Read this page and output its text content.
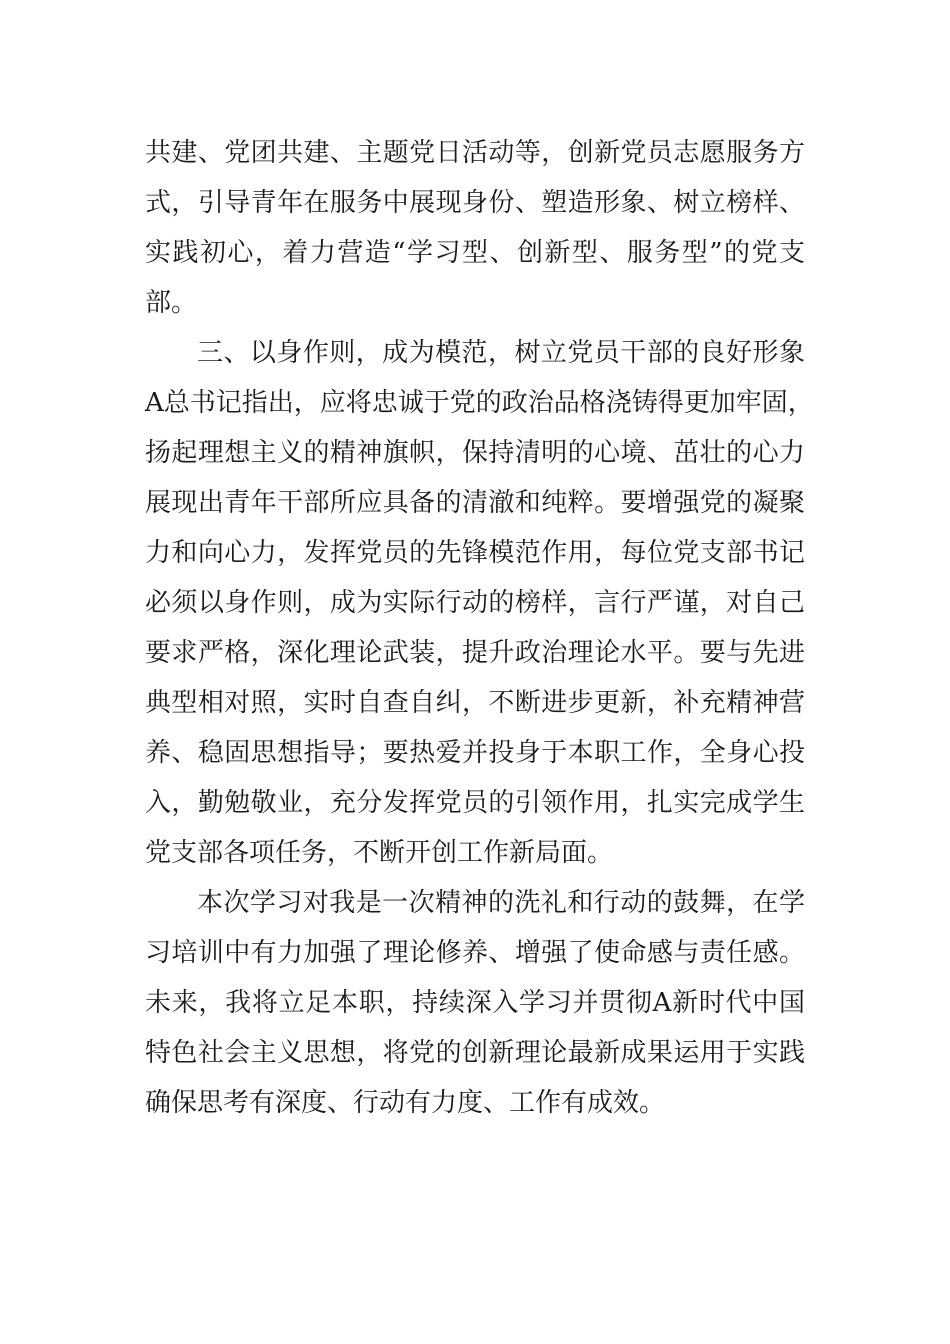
共建、党团共建、主题党日活动等，创新党员志愿服务方
式，引导青年在服务中展现身份、塑造形象、树立榜样、
实践初心，着力营造“学习型、创新型、服务型”的党支
部。
三、以身作则，成为模范，树立党员干部的良好形象
A总书记指出，应将忠诚于党的政治品格浇铸得更加牢固，
扬起理想主义的精神旗帜，保持清明的心境、茁壮的心力
展现出青年干部所应具备的清澈和纯粹。要增强党的凝聚
力和向心力，发挥党员的先锋模范作用，每位党支部书记
必须以身作则，成为实际行动的榜样，言行严谨，对自己
要求严格，深化理论武装，提升政治理论水平。要与先进
典型相对照，实时自查自纠，不断进步更新，补充精神营
养、稳固思想指导；要热爱并投身于本职工作，全身心投
入，勤勉敬业，充分发挥党员的引领作用，扎实完成学生
党支部各项任务，不断开创工作新局面。
本次学习对我是一次精神的洗礼和行动的鼓舞，在学
习培训中有力加强了理论修养、增强了使命感与责任感。
未来，我将立足本职，持续深入学习并贯彻A新时代中国
特色社会主义思想，将党的创新理论最新成果运用于实践
确保思考有深度、行动有力度、工作有成效。
